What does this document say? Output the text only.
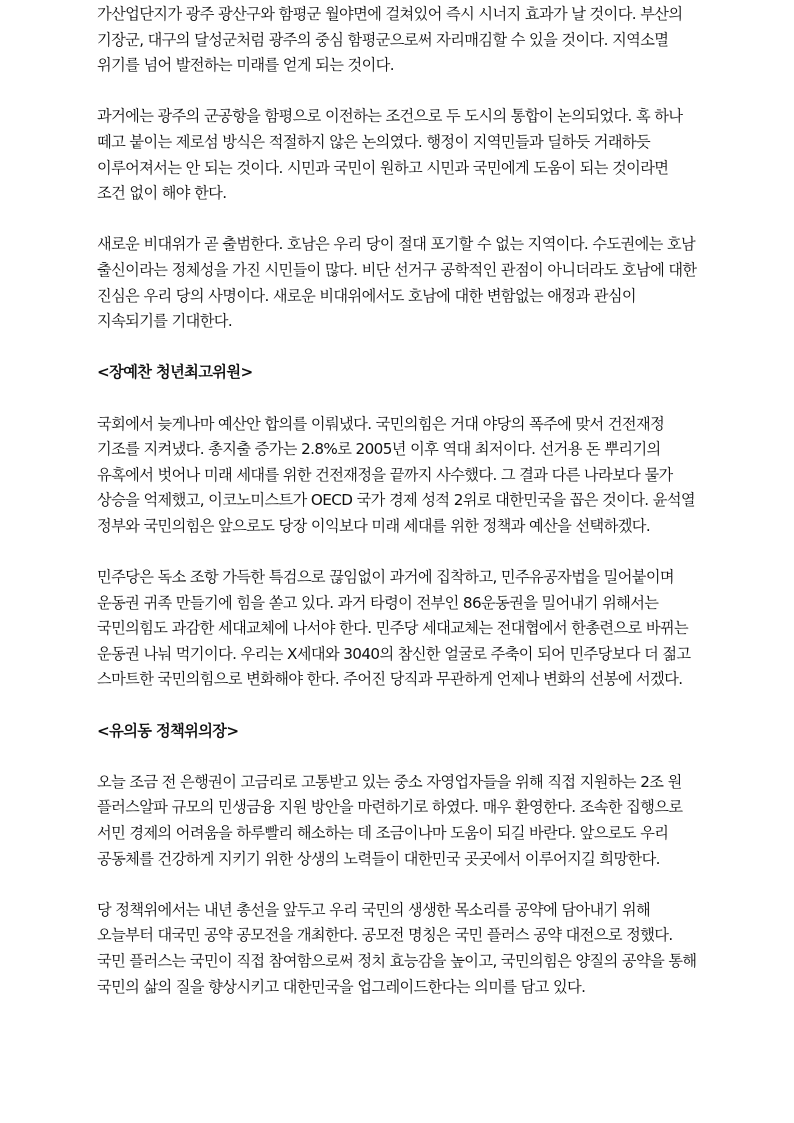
가산업단지가 광주 광산구와 함평군 월야면에 걸쳐있어 즉시 시너지 효과가 날 것이다. 부산의 기장군, 대구의 달성군처럼 광주의 중심 함평군으로써 자리매김할 수 있을 것이다. 지역소멸 위기를 넘어 발전하는 미래를 얻게 되는 것이다.

과거에는 광주의 군공항을 함평으로 이전하는 조건으로 두 도시의 통합이 논의되었다. 혹 하나 떼고 붙이는 제로섬 방식은 적절하지 않은 논의였다. 행정이 지역민들과 딜하듯 거래하듯 이루어져서는 안 되는 것이다. 시민과 국민이 원하고 시민과 국민에게 도움이 되는 것이라면 조건 없이 해야 한다.

새로운 비대위가 곧 출범한다. 호남은 우리 당이 절대 포기할 수 없는 지역이다. 수도권에는 호남 출신이라는 정체성을 가진 시민들이 많다. 비단 선거구 공학적인 관점이 아니더라도 호남에 대한 진심은 우리 당의 사명이다. 새로운 비대위에서도 호남에 대한 변함없는 애정과 관심이 지속되기를 기대한다.

<장예찬 청년최고위원>

국회에서 늦게나마 예산안 합의를 이뤄냈다. 국민의힘은 거대 야당의 폭주에 맞서 건전재정 기조를 지켜냈다. 총지출 증가는 2.8%로 2005년 이후 역대 최저이다. 선거용 돈 뿌리기의 유혹에서 벗어나 미래 세대를 위한 건전재정을 끝까지 사수했다. 그 결과 다른 나라보다 물가 상승을 억제했고, 이코노미스트가 OECD 국가 경제 성적 2위로 대한민국을 꼽은 것이다. 윤석열 정부와 국민의힘은 앞으로도 당장 이익보다 미래 세대를 위한 정책과 예산을 선택하겠다.

민주당은 독소 조항 가득한 특검으로 끊임없이 과거에 집착하고, 민주유공자법을 밀어붙이며 운동권 귀족 만들기에 힘을 쏟고 있다. 과거 타령이 전부인 86운동권을 밀어내기 위해서는 국민의힘도 과감한 세대교체에 나서야 한다. 민주당 세대교체는 전대협에서 한총련으로 바뀌는 운동권 나눠 먹기이다. 우리는 X세대와 3040의 참신한 얼굴로 주축이 되어 민주당보다 더 젊고 스마트한 국민의힘으로 변화해야 한다. 주어진 당직과 무관하게 언제나 변화의 선봉에 서겠다.

<유의동 정책위의장>

오늘 조금 전 은행권이 고금리로 고통받고 있는 중소 자영업자들을 위해 직접 지원하는 2조 원 플러스알파 규모의 민생금융 지원 방안을 마련하기로 하였다. 매우 환영한다. 조속한 집행으로 서민 경제의 어려움을 하루빨리 해소하는 데 조금이나마 도움이 되길 바란다. 앞으로도 우리 공동체를 건강하게 지키기 위한 상생의 노력들이 대한민국 곳곳에서 이루어지길 희망한다.

당 정책위에서는 내년 총선을 앞두고 우리 국민의 생생한 목소리를 공약에 담아내기 위해 오늘부터 대국민 공약 공모전을 개최한다. 공모전 명칭은 국민 플러스 공약 대전으로 정했다. 국민 플러스는 국민이 직접 참여함으로써 정치 효능감을 높이고, 국민의힘은 양질의 공약을 통해 국민의 삶의 질을 향상시키고 대한민국을 업그레이드한다는 의미를 담고 있다.
